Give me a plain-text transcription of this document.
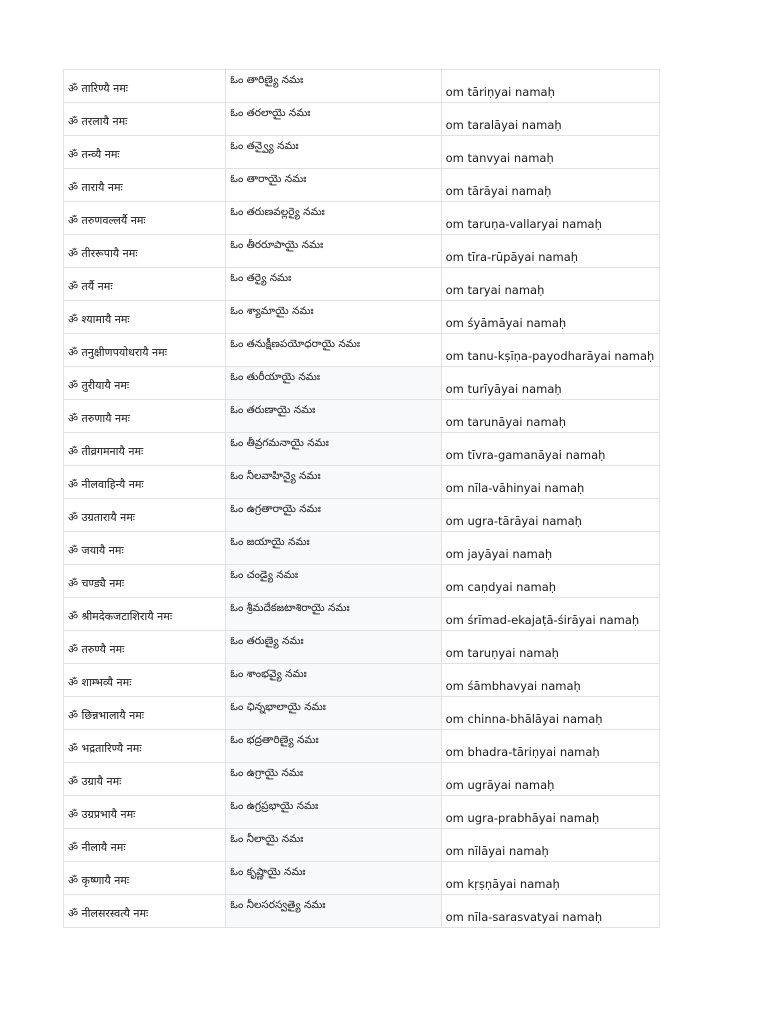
ॐ तारिण्यै नमः	ఓం తారిణ్యై నమః	om tāriṇyai namaḥ

ॐ तरलायै नमः	ఓం తరలాయై నమః	om taralāyai namaḥ

ॐ तन्व्यै नमः	ఓం తన్వ్యై నమః	om tanvyai namaḥ

ॐ तारायै नमः	ఓం తారాయై నమః	om tārāyai namaḥ

ॐ तरुणवल्लर्यै नमः	ఓం తరుణవల్లర్యై నమః	om taruṇa-vallaryai namaḥ

ॐ तीररूपायै नमः	ఓం తీరరూపాయై నమః	om tīra-rūpāyai namaḥ

ॐ तर्यै नमः	ఓం తర్యై నమః	om taryai namaḥ

ॐ श्यामायै नमः	ఓం శ్యామాయై నమః	om śyāmāyai namaḥ

ॐ तनुक्षीणपयोधरायै नमः	ఓం తనుక్షీణపయోధరాయై నమః	om tanu-kṣīṇa-payodharāyai namaḥ

ॐ तुरीयायै नमः	ఓం తురీయాయై నమః	om turīyāyai namaḥ

ॐ तरुणायै नमः	ఓం తరుణాయై నమః	om tarunāyai namaḥ

ॐ तीव्रगमनायै नमः	ఓం తీవ్రగమనాయై నమః	om tīvra-gamanāyai namaḥ

ॐ नीलवाहिन्यै नमः	ఓం నీలవాహిన్యై నమః	om nīla-vāhinyai namaḥ

ॐ उग्रतारायै नमः	ఓం ఉగ్రతారాయై నమః	om ugra-tārāyai namaḥ

ॐ जयायै नमः	ఓం జయాయై నమః	om jayāyai namaḥ

ॐ चण्ड्यै नमः	ఓం చండ్యై నమః	om caṇdyai namaḥ

ॐ श्रीमदेकजटाशिरायै नमः	ఓం శ్రీమదేకజటాశిరాయై నమః	om śrīmad-ekajaṭā-śirāyai namaḥ

ॐ तरुण्यै नमः	ఓం తరుణ్యై నమః	om taruṇyai namaḥ

ॐ शाम्भव्यै नमः	ఓం శాంభవ్యై నమః	om śāmbhavyai namaḥ

ॐ छिन्नभालायै नमः	ఓం ఛిన్నభాలాయై నమః	om chinna-bhālāyai namaḥ

ॐ भद्रतारिण्यै नमः	ఓం భద్రతారిణ్యై నమః	om bhadra-tāriṇyai namaḥ

ॐ उग्रायै नमः	ఓం ఉగ్రాయై నమః	om ugrāyai namaḥ

ॐ उग्रप्रभायै नमः	ఓం ఉగ్రప్రభాయై నమః	om ugra-prabhāyai namaḥ

ॐ नीलायै नमः	ఓం నీలాయై నమః	om nīlāyai namaḥ

ॐ कृष्णायै नमः	ఓం కృష్ణాయై నమః	om kṛṣṇāyai namaḥ

ॐ नीलसरस्वत्यै नमः	ఓం నీలసరస్వత్యై నమః	om nīla-sarasvatyai namaḥ
